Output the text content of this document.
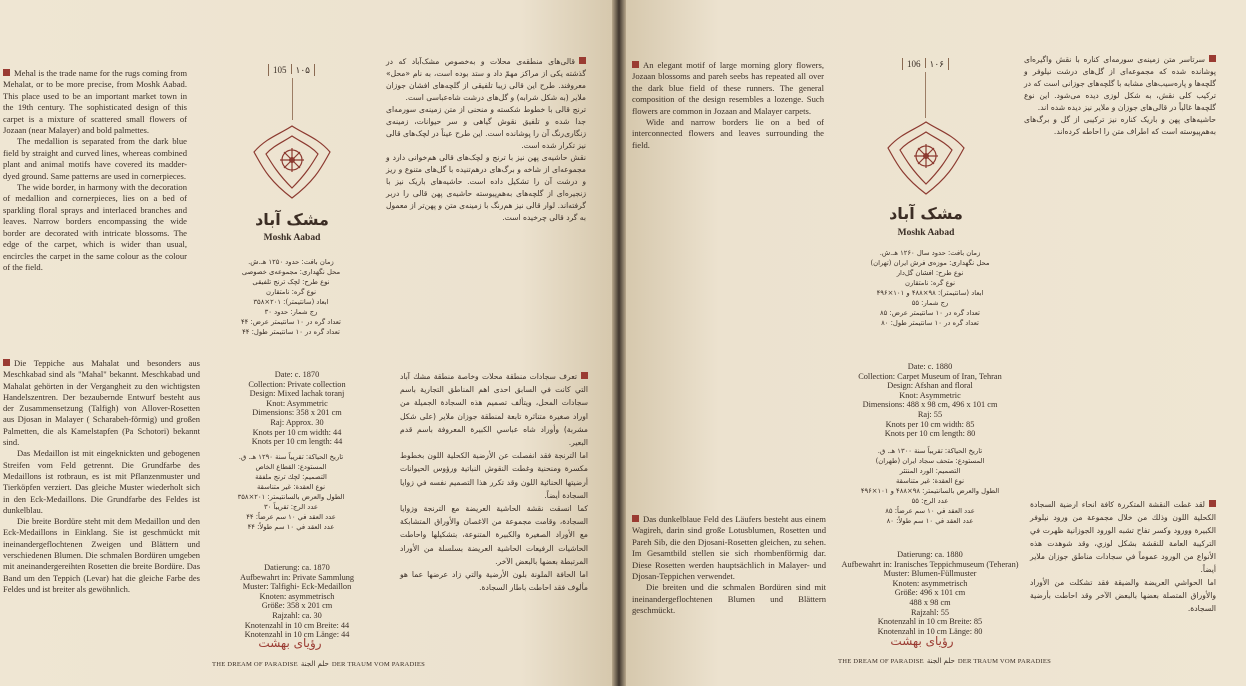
Mehal is the trade name for the rugs coming from Mehalat, or to be more precise, from Moshk Aabad. This place used to be an important market town in the 19th century. The sophisticated design of this carpet is a mixture of scattered small flowers of Jozaan (near Malayer) and bold palmettes.

The medallion is separated from the dark blue field by straight and curved lines, whereas combined plant and animal motifs have covered its madder-dyed ground. Same patterns are used in cornerpieces.

The wide border, in harmony with the decoration of medallion and cornerpieces, lies on a bed of sparkling floral sprays and interlaced branches and leaves. Narrow borders encompassing the wide border are decorated with intricate blossoms. The edge of the carpet, which is wider than usual, encircles the carpet in the same colour as the colour of the field.

Die Teppiche aus Mahalat und besonders aus Meschkabad sind als "Mahal" bekannt. Meschkabad und Mahalat gehörten in der Vergangheit zu den wichtigsten Handelszentren. Der bezaubernde Entwurf besteht aus der Zusammensetzung (Talfigh) von Allover-Rosetten aus Djosan in Malayer ( Scharabeh-förmig) und großen Palmetten, die als Kamelstapfen (Pa Schotori) bekannt sind.

Das Medaillon ist mit eingeknickten und gebogenen Streifen vom Feld getrennt. Die Grundfarbe des Medaillons ist rotbraun, es ist mit Pflanzenmuster und Tierköpfen verziert. Das gleiche Muster wiederholt sich in den Eck-Medaillons. Die Grundfarbe des Feldes ist dunkelblau.

Die breite Bordüre steht mit dem Medaillon und den Eck-Medaillons in Einklang. Sie ist geschmückt mit ineinandergeflochtenen Zweigen und Blättern und verschiedenen Blumen. Die schmalen Bordüren umgeben mit aneinandergereihten Rosetten die breite Bordüre. Das Band um den Teppich (Levar) hat die gleiche Farbe des Feldes und ist breiter als gewöhnlich.

105 ۱۰۵
مشک آباد
Moshk Aabad
زمان بافت: حدود ۱۲۵۰ هـ.ش.
محل نگهداری: مجموعه‌ی خصوصی
نوع طرح: لچک ترنج تلفیقی
نوع گره: نامتقارن
ابعاد (سانتیمتر): ۲۰۱×۳۵۸
رج شمار: حدود ۳۰
تعداد گره در ۱۰ سانتیمتر عرض: ۴۴
تعداد گره در ۱۰ سانتیمتر طول: ۴۴
Date: c. 1870
Collection: Private collection
Design: Mixed lachak toranj
Knot: Asymmetric
Dimensions: 358 x 201 cm
Raj: Approx. 30
Knots per 10 cm width: 44
Knots per 10 cm length: 44
تاريخ الحياكة: تقريباً سنة ۱۲۹۰ هـ. ق.
المستودع: القطاع الخاص
التصميم: لچك ترنج ملفقة
نوع العقدة: غير متناسقة
الطول والعرض بالسانتيمتر: ۲۰۱×۳۵۸
عدد الرج: تقريباً ۳۰
عدد العقد في ۱۰ سم عرضاً: ۴۴
عدد العقد في ۱۰ سم طولاً: ۴۴
Datierung: ca. 1870
Aufbewahrt in: Private Sammlung
Muster: Talfighi- Eck-Medaillon
Knoten: asymmetrisch
Größe: 358 x 201 cm
Rajzahl: ca. 30
Knotenzahl in 10 cm Breite: 44
Knotenzahl in 10 cm Länge: 44

قالی‌های منطقه‌ی محلات و به‌خصوص مشک‌آباد که در گذشته یکی از مراکز مهمّ داد و ستد بوده است، به نام «محل» معروفند. طرح این قالی زیبا تلفیقی از گلچه‌های افشان جوزان ملایر (به شکل شرابه) و گل‌های درشت شاه‌عباسی است.

ترنج قالی با خطوط شکسته و منحنی از متن زمینه‌ی سورمه‌ای جدا شده و تلفیق نقوش گیاهی و سر حیوانات، زمینه‌ی زنگاری‌رنگ آن را پوشانده است. این طرح عیناً در لچک‌های قالی نیز تکرار شده است.

نقش حاشیه‌ی پهن نیز با ترنج و لچک‌های قالی هم‌خوانی دارد و مجموعه‌ای از شاخه و برگ‌های درهم‌تنیده با گل‌های متنوع و ریز و درشت آن را تشکیل داده است. حاشیه‌های باریک نیز با زنجیره‌ای از گلچه‌های به‌هم‌پیوسته حاشیه‌ی پهن قالی را دربر گرفته‌اند. لوار قالی نیز هم‌رنگ با زمینه‌ی متن و پهن‌تر از معمول به گرد قالی چرخیده است.

تعرف سجادات منطقة محلات وخاصة منطقة مشك آباد التي كانت في السابق احدى اهم المناطق التجارية باسم سجادات المحل، ويتألف تصميم هذه السجادة الجميلة من اوراد صغيرة متناثرة تابعة لمنطقة جوزان ملاير (على شكل مشربة) وأوراد شاه عباسي الكبيرة المعروفة باسم قدم البعير.

اما الترنجة فقد انفصلت عن الأرضية الكحلية اللون بخطوط مكسرة ومنحنية وغطت النقوش النباتية ورؤوس الحيوانات أرضيتها الحنائية اللون وقد تكرر هذا التصميم نفسه في زوايا السجادة أيضاً.

كما انسقت نقشة الحاشية العريضة مع الترنجة وزوايا السجادة، وقامت مجموعة من الاغصان والأوراق المتشابكة مع الأوراد الصغيرة والكبيرة المتنوعة، بتشكيلها واحاطت الحاشيات الرفيعات الحاشية العريضة بسلسلة من الأوراد المرتبطة بعضها بالبعض الآخر.

اما الحافة الملونة بلون الأرضية والتي زاد عرضها عما هو مألوف فقد احاطت باطار السجادة.

رؤیای بهشت
THE DREAM OF PARADISE حلم الجنة DER TRAUM VOM PARADIES

An elegant motif of large morning glory flowers, Jozaan blossoms and pareh seebs has repeated all over the dark blue field of these runners. The general composition of the design resembles a lozenge. Such flowers are common in Jozaan and Malayer carpets.

Wide and narrow borders lie on a bed of interconnected flowers and leaves surrounding the field.

Das dunkelblaue Feld des Läufers besteht aus einem Wagireh, darin sind große Lotusblumen, Rosetten und Pareh Sib, die den Djosani-Rosetten gleichen, zu sehen. Im Gesamtbild stellen sie sich rhombenförmig dar. Diese Rosetten werden hauptsächlich in Malayer- und Djosan-Teppichen verwendet.

Die breiten und die schmalen Bordüren sind mit ineinandergeflochtenen Blumen und Blättern geschmückt.

106 ۱۰۶
مشک آباد
Moshk Aabad
زمان بافت: حدود سال ۱۲۶۰ هـ.ش.
محل نگهداری: موزه‌ی فرش ایران (تهران)
نوع طرح: افشان گل‌دار
نوع گره: نامتقارن
ابعاد (سانتیمتر): ۹۸×۴۸۸ و ۱۰۱×۴۹۶
رج شمار: ۵۵
تعداد گره در ۱۰ سانتیمتر عرض: ۸۵
تعداد گره در ۱۰ سانتیمتر طول: ۸۰
Date: c. 1880
Collection: Carpet Museum of Iran, Tehran
Design: Afshan and floral
Knot: Asymmetric
Dimensions: 488 x 98 cm, 496 x 101 cm
Raj: 55
Knots per 10 cm width: 85
Knots per 10 cm length: 80
تاريخ الحياكة: تقريباً سنة ۱۳۰۰ هـ. ق.
المستودع: متحف سجاد ايران (طهران)
التصميم: الورد المنتثر
نوع العقدة: غير متناسقة
الطول والعرض بالسانتيمتر: ۹۸×۴۸۸ و ۱۰۱×۴۹۶
عدد الرج: ۵۵
عدد العقد في ۱۰ سم عرضاً: ۸۵
عدد العقد في ۱۰ سم طولاً: ۸۰
Datierung: ca. 1880
Aufbewahrt in: Iranisches Teppichmuseum (Teheran)
Muster: Blumen-Füllmuster
Knoten: asymmetrisch
Größe: 496 x 101 cm
488 x 98 cm
Rajzahl: 55
Knotenzahl in 10 cm Breite: 85
Knotenzahl in 10 cm Länge: 80

سرتاسر متن زمینه‌ی سورمه‌ای کناره با نقش واگیره‌ای پوشانده شده که مجموعه‌ای از گل‌های درشت نیلوفر و گلچه‌ها و پاره‌سیب‌های مشابه با گلچه‌های جوزانی است که در ترکیب کلی نقش، به شکل لوزی دیده می‌شود. این نوع گلچه‌ها غالباً در قالی‌های جوزان و ملایر نیز دیده شده اند.

حاشیه‌های پهن و باریک کناره نیز ترکیبی از گل و برگ‌های به‌هم‌پیوسته است که اطراف متن را احاطه کرده‌اند.

لقد غطت النقشة المتكررة كافة انحاء ارضية السجادة الكحلية اللون وذلك من خلال مجموعة من ورود نيلوفر الكبيرة وورود وكسر تفاح تشبه الورود الجوزانية ظهرت في التركيبة العامة للنقشة بشكل لوزي، وقد شوهدت هذه الأنواع من الورود عموماً في سجادات مناطق جوزان ملاير أيضاً.

اما الحواشي العريضة والضيقة فقد تشكلت من الأوراد والأوراق المتصلة بعضها بالبعض الآخر وقد احاطت بأرضية السجادة.

رؤیای بهشت
THE DREAM OF PARADISE حلم الجنة DER TRAUM VOM PARADIES
